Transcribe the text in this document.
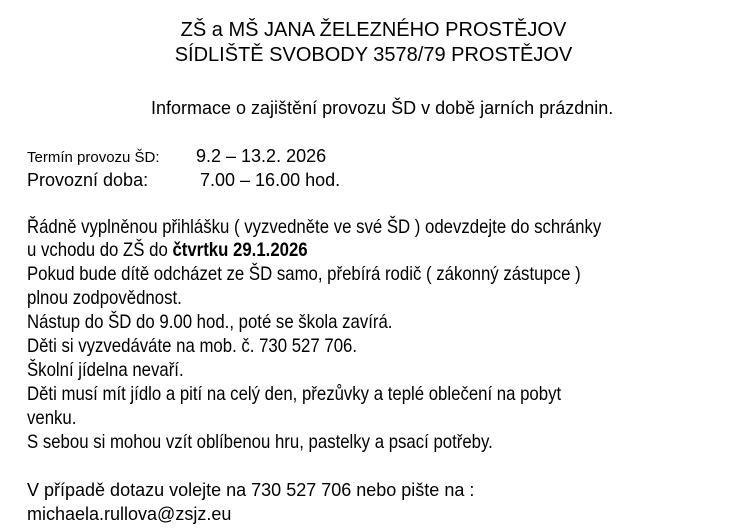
ZŠ a MŠ JANA ŽELEZNÉHO PROSTĚJOV
SÍDLIŠTĚ SVOBODY 3578/79 PROSTĚJOV
Informace o zajištění provozu ŠD v době jarních prázdnin.
Termín provozu ŠD: 9.2 – 13.2. 2026
Provozní doba:	7.00 – 16.00 hod.
Řádně vyplněnou přihlášku ( vyzvedněte ve své ŠD ) odevzdejte do schránky
u vchodu do ZŠ do čtvrtku 29.1.2026
Pokud bude dítě odcházet ze ŠD samo, přebírá rodič ( zákonný zástupce )
plnou zodpovědnost.
Nástup do ŠD do 9.00 hod., poté se škola zavírá.
Děti si vyzvedáváte na mob. č. 730 527 706.
Školní jídelna nevaří.
Děti musí mít jídlo a pití na celý den, přezůvky a teplé oblečení na pobyt
venku.
S sebou si mohou vzít oblíbenou hru, pastelky a psací potřeby.
V případě dotazu volejte na 730 527 706 nebo pište na :
michaela.rullova@zsjz.eu
